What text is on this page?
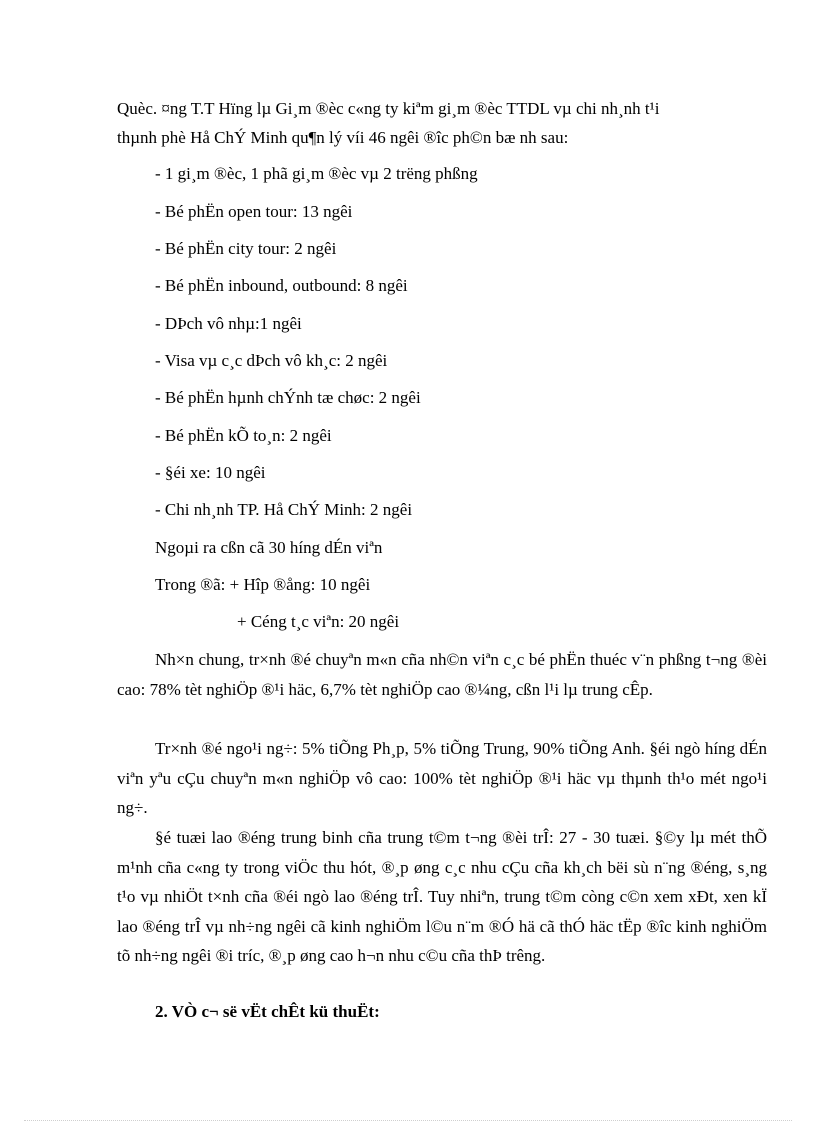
Quèc. ¤ng T.T Hïng lµ Gi¸m ®èc c«ng ty kiªm gi¸m ®èc TTDL vµ chi nh¸nh t¹i
thµnh phè Hå ChÝ Minh qu¶n lý víi 46 ngêi ®îc ph©n bæ nh sau:
- 1 gi¸m ®èc, 1 phã gi¸m ®èc vµ 2 trëng phßng
- Bé phËn open tour: 13 ngêi
- Bé phËn city tour: 2 ngêi
- Bé phËn inbound, outbound: 8 ngêi
- DÞch vô nhµ:1 ngêi
- Visa vµ c¸c dÞch vô kh¸c: 2 ngêi
- Bé phËn hµnh chÝnh tæ chøc: 2 ngêi
- Bé phËn kÕ to¸n: 2 ngêi
- §éi xe: 10 ngêi
- Chi nh¸nh TP. Hå ChÝ Minh: 2 ngêi
Ngoµi ra cßn cã 30 híng dÉn viªn
Trong ®ã: + Hîp ®ång: 10 ngêi
+ Céng t¸c viªn: 20 ngêi
Nh×n chung, tr×nh ®é chuyªn m«n cña nh©n viªn c¸c bé phËn thuéc v¨n phßng t¬ng ®èi cao: 78% tèt nghiÖp ®¹i häc, 6,7% tèt nghiÖp cao ®¼ng, cßn l¹i lµ trung cÊp.
Tr×nh ®é ngo¹i ng÷: 5% tiÕng Ph¸p, 5% tiÕng Trung, 90% tiÕng Anh. §éi ngò híng dÉn viªn yªu cÇu chuyªn m«n nghiÖp vô cao: 100% tèt nghiÖp ®¹i häc vµ thµnh th¹o mét ngo¹i ng÷.
§é tuæi lao ®éng trung binh cña trung t©m t¬ng ®èi trÎ: 27 - 30 tuæi. §©y lµ mét thÕ m¹nh cña c«ng ty trong viÖc thu hót, ®¸p øng c¸c nhu cÇu cña kh¸ch bëi sù n¨ng ®éng, s¸ng t¹o vµ nhiÖt t×nh cña ®éi ngò lao ®éng trÎ. Tuy nhiªn, trung t©m còng c©n xem xÐt, xen kÏ lao ®éng trÎ vµ nh÷ng ngêi cã kinh nghiÖm l©u n¨m ®Ó hä cã thÓ häc tËp ®îc kinh nghiÖm tõ nh÷ng ngêi ®i tríc, ®¸p øng cao h¬n nhu c©u cña thÞ trêng.
2. VÒ c¬ së vËt chÊt kü thuËt:
